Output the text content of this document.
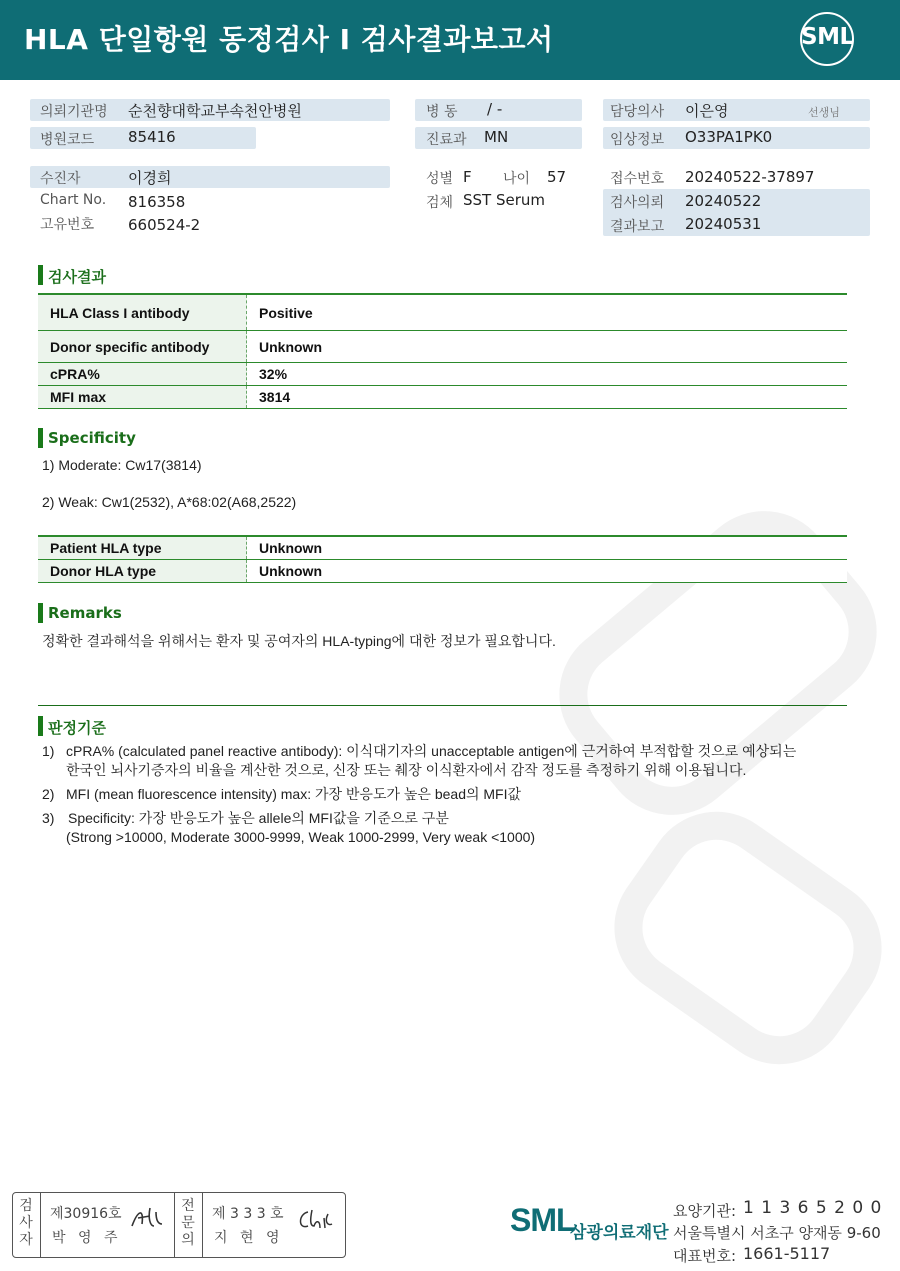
HLA 단일항원 동정검사 I 검사결과보고서	SML
의뢰기관명 순천향대학교부속천안병원
병원코드 85416
병 동 / -
진료과 MN
담당의사 이은영	선생님
임상정보 O33PA1PK0
수진자	이경희
Chart No. 816358
고유번호 660524-2
성별 F 나이 57
검체 SST Serum
접수번호 20240522-37897
검사의뢰 20240522
결과보고 20240531
검사결과
HLA Class I antibody	Positive
Donor specific antibody	Unknown
cPRA%	32%
MFI max	3814
Specificity
1) Moderate: Cw17(3814)
2) Weak: Cw1(2532), A*68:02(A68,2522)
Patient HLA type	Unknown
Donor HLA type	Unknown
Remarks
정확한 결과해석을 위해서는 환자 및 공여자의 HLA-typing에 대한 정보가 필요합니다.
판정기준
1) cPRA% (calculated panel reactive antibody): 이식대기자의 unacceptable antigen에 근거하여 부적합할 것으로 예상되는
한국인 뇌사기증자의 비율을 계산한 것으로, 신장 또는 췌장 이식환자에서 감작 정도를 측정하기 위해 이용됩니다.
2) MFI (mean fluorescence intensity) max: 가장 반응도가 높은 bead의 MFI값
3) Specificity: 가장 반응도가 높은 allele의 MFI값을 기준으로 구분
(Strong >10000, Moderate 3000-9999, Weak 1000-2999, Very weak <1000)
검사자
제30916호
박 영 주
전문의
제 3 3 3 호
지 현 영	SML
삼광의료재단
요양기관: 1 1 3 6 5 2 0 0
서울특별시 서초구 양재동 9-60
대표번호: 1661-5117
